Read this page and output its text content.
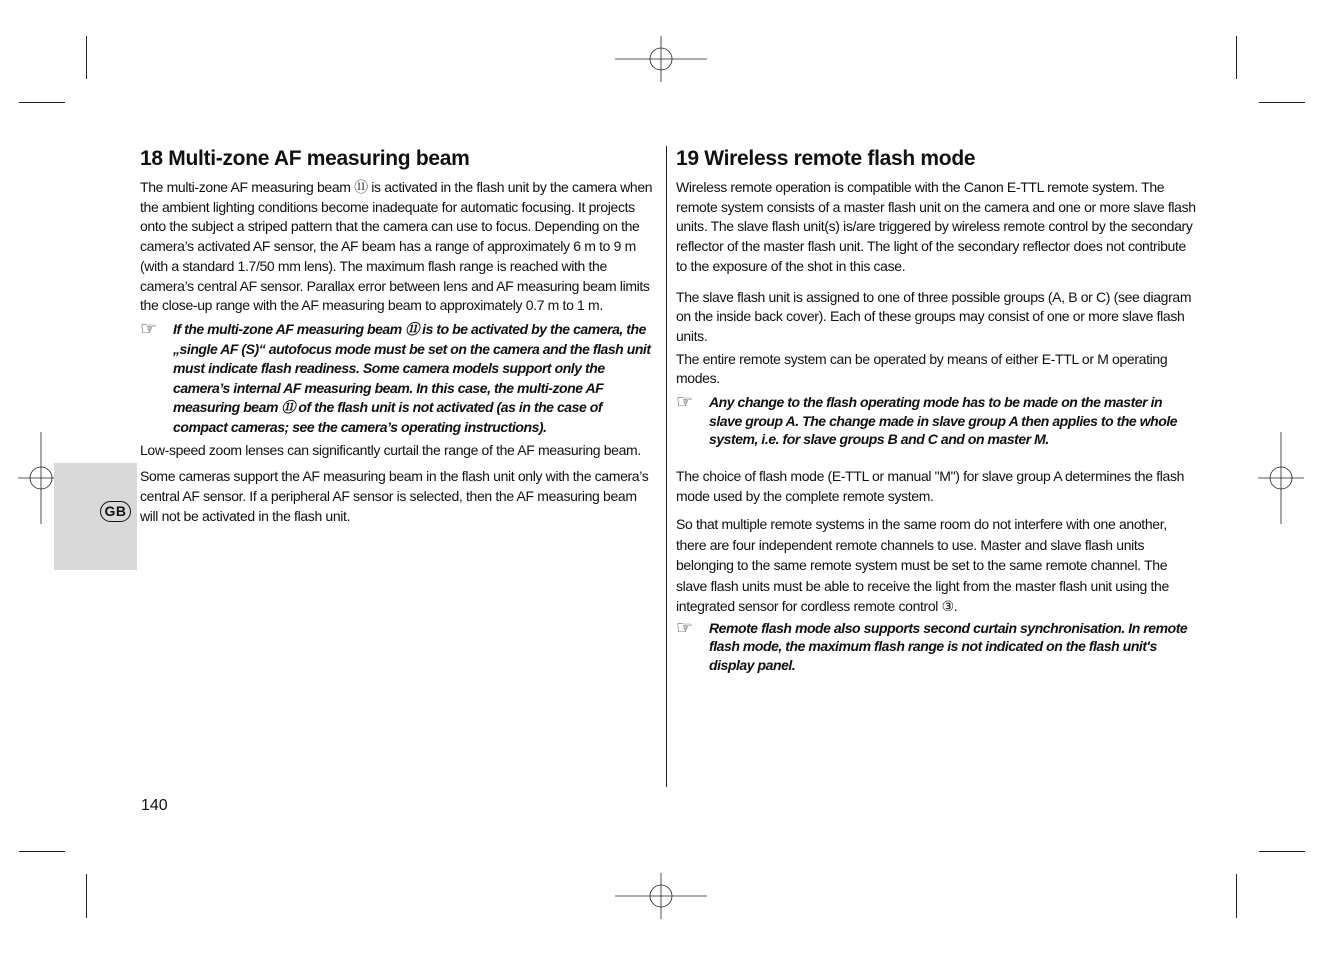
GB
18 Multi-zone AF measuring beam

The multi-zone AF measuring beam ⑪ is activated in the flash unit by the camera when the ambient lighting conditions become inadequate for automatic focusing. It projects onto the subject a striped pattern that the camera can use to focus. Depending on the camera’s activated AF sensor, the AF beam has a range of approximately 6 m to 9 m (with a standard 1.7/50 mm lens). The maximum flash range is reached with the camera’s central AF sensor. Parallax error between lens and AF measuring beam limits the close-up range with the AF measuring beam to approximately 0.7 m to 1 m.

☞ If the multi-zone AF measuring beam ⑪ is to be activated by the camera, the „single AF (S)“ autofocus mode must be set on the camera and the flash unit must indicate flash readiness. Some camera models support only the camera’s internal AF measuring beam. In this case, the multi-zone AF measuring beam ⑪ of the flash unit is not activated (as in the case of compact cameras; see the camera’s operating instructions).

Low-speed zoom lenses can significantly curtail the range of the AF measuring beam.

Some cameras support the AF measuring beam in the flash unit only with the camera’s central AF sensor. If a peripheral AF sensor is selected, then the AF measuring beam will not be activated in the flash unit.

19 Wireless remote flash mode

Wireless remote operation is compatible with the Canon E-TTL remote system. The remote system consists of a master flash unit on the camera and one or more slave flash units. The slave flash unit(s) is/are triggered by wireless remote control by the secondary reflector of the master flash unit. The light of the secondary reflector does not contribute to the exposure of the shot in this case.

The slave flash unit is assigned to one of three possible groups (A, B or C) (see diagram on the inside back cover). Each of these groups may consist of one or more slave flash units.

The entire remote system can be operated by means of either E-TTL or M operating modes.

☞ Any change to the flash operating mode has to be made on the master in slave group A. The change made in slave group A then applies to the whole system, i.e. for slave groups B and C and on master M.

The choice of flash mode (E-TTL or manual "M") for slave group A determines the flash mode used by the complete remote system.

So that multiple remote systems in the same room do not interfere with one another, there are four independent remote channels to use. Master and slave flash units belonging to the same remote system must be set to the same remote channel. The slave flash units must be able to receive the light from the master flash unit using the integrated sensor for cordless remote control ③.

☞ Remote flash mode also supports second curtain synchronisation. In remote flash mode, the maximum flash range is not indicated on the flash unit's display panel.

140
